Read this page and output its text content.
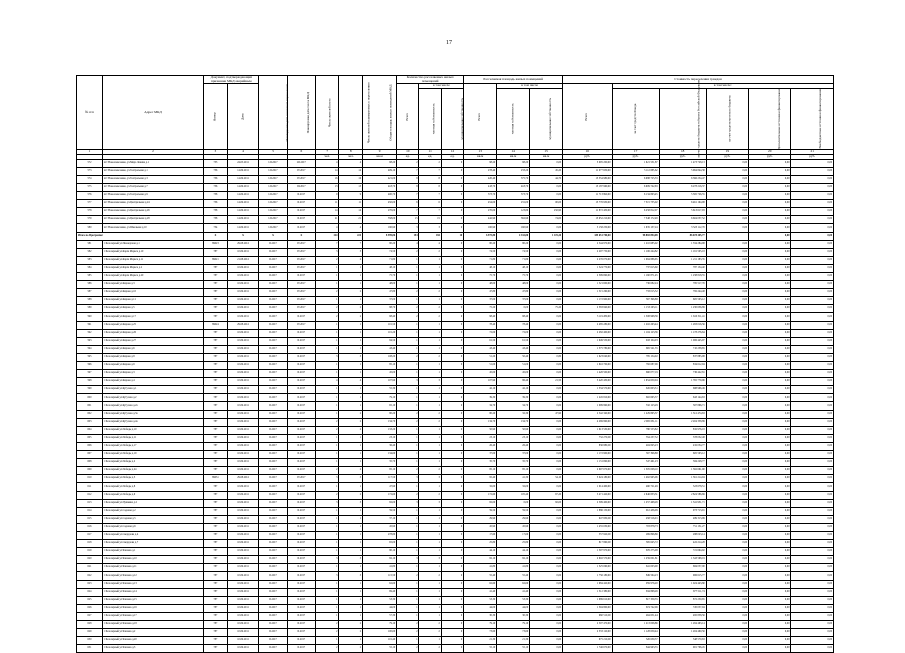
17
№ п/п	Адрес МКД	Документ, подтверждающий признание МКД аварийным		Планируемая дата окончания переселения	Планируемая дата сноса МКД	Число жителей всего	Число жителей планируемых к переселению	Общая площадь жилых помещений МКД	Количество расселяемых жилых помещений			Расселяемая площадь жилых помещений			Стоимость переселения граждан					
		Номер	Дата						Всего	в том числе		Всего	в том числе		Всего	в том числе:				
										частная собственность	муниципальная собственность		частная собственность	муниципальная собственность		за счет средств Фонда	за счет средств бюджета субъекта Российской Федерации	за счет средств местного бюджета	Дополнительные источники финансирования	Внебюджетные источники финансирования
1	2	3	4	5	6	7	8	9	10	11	12	13	14	15	16	17	18	19	20	21
						чел.	чел.	кв.м	ед.	ед.	ед.	кв.м	кв.м	кв.м	руб.	руб.	руб.	руб.	руб.	руб.
572	пгт Новоалексеевка, ул.Мира Ленина д.1	733	24.05.2011	I.II.2017	I.II.2017	4	4	98,20	2	2	0	98,20	98,20	0,00	3 095 200,00	1 621 531,87	1 473 728,13	0,00	0,00	0,00
573	пгт Новоалексеевка, ул.Театральная д.1	736	14.09.2011	I.II.2017	IV.2017	14	14	409,10	7	7	0	278,40	233,20	45,20	11 077 630,00	5 112 885,62	5 964 844,38	0,00	0,00	0,00
574	пгт Новоалексеевка, ул.Театральная д.3	736	14.09.2011	I.II.2017	IV.2017	16	16	421,00	8	8	0	420,40	375,70	44,70	13 354 980,00	6 988 725,53	6 366 254,47	0,00	0,00	0,00
575	пгт Новоалексеевка, ул.Театральная д.7	736	14.09.2011	I.II.2017	III.2017	13	13	418,70	8	8	0	418,70	418,70	0,00	13 187 960,00	6 909 742,63	6 278 216,37	0,00	0,00	0,00
576	пгт Новоалексеевка, ул.Театральная д.9	738	14.09.2011	I.II.2017	II.2017	9	9	400,70	7	7	0	373,70	373,70	0,00	11 713 990,00	6 134 863,45	5 595 726,55	0,00	0,00	0,00
577	пгт Новоалексеевка, ул.Центральная д.24	736	14.09.2011	I.II.2017	II.2017	11	11	450,00	6	6	0	454,00	231,00	00,00	13 776 930,00	7 315 735,02	6 461 194,98	0,00	0,00	0,00
578	пгт Новоалексеевка, ул.Центральная д.26	738	14.09.2011	I.II.2017	II.2017	14	14	270,00	7	7	0	270,00	123,80	232,90	11 872 430,00	6 258 812,07	5 613 617,93	0,00	0,00	0,00
579	пгт Новоалексеевка, ул.Центральная д.28	738	14.09.2011	I.II.2017	II.2017	21	21	358,00	15	15	0	442,90	362,90	74,00	13 952 210,00	7 348 172,48	6 604 037,52	0,00	0,00	0,00
580	пгт Новоалексеевка, ул.Школьная д.10	734	14.09.2011	I.II.2017	II.2017	4	4	190,90	3	3	0	160,90	160,90	0,00	5 158 250,00	1 635 137,24	3 523 112,76	0,00	0,00	0,00
Итого по Программе:		X	X	X	X	224	224	8 999,86	194	184	10	6 975,80	4 332,80	1 119,20	185 651 700,00	98 883 894,08	86 678 405,77		0,00	0,00
581	г Белозерный ул.Пионерская д.1	89023	29.08.2012	II.2017	IV.2017	7	7	80,20	4	4	0	80,20	80,20	0,00	2 544 970,00	1 210 685,02	1 334 284,98	0,00	0,00	0,00
582	г Белозерный ул.Карла Маркса д.10	787	10.09.2011	II.2017	IV.2017	3	3	74,50	2	2	0	74,50	74,50	0,00	2 297 750,00	1 106 244,82	1 191 505,18	0,00	0,00	0,00
583	г Белозерный ул.Карла Маркса д.11	89021	21.08.2012	II.2017	IV.2017	2	2	71,80	1	1	0	71,80	71,80	0,00	2 276 070,00	1 064 886,65	1 211 183,35	0,00	0,00	0,00
584	г Белозерный ул.Карла Маркса д.2	787	10.09.2011	II.2017	IV.2017	1	1	48,10	1	1	0	48,10	48,10	0,00	1 524 770,00	737 615,60	787 154,40	0,00	0,00	0,00
585	г Белозерный ул.Карла Маркса д.20	787	10.09.2011	II.2017	II.2017	1	1	75,70	1	1	0	75,70	75,70	0,00	2 399 690,00	1 160 871,45	1 238 818,55	0,00	0,00	0,00
586	г Белозерный ул.Кирова д.3	787	10.09.2011	II.2017	IV.2017	1	1	48,00	1	1	0	48,00	48,00	0,00	1 521 600,00	736 082,24	785 517,76	0,00	0,00	0,00
587	г Белозерный ул.Кирова д.10	787	10.09.2011	II.2017	IV.2017	2	2	47,80	2	2	0	47,80	47,80	0,00	1 515 260,00	733 015,52	782 244,48	0,00	0,00	0,00
588	г Белозерный ул.Кирова д.11	787	10.09.2011	II.2017	IV.2017	1	1	37,00	1	1	0	37,00	37,00	0,00	1 172 900,00	567 396,88	605 503,12	0,00	0,00	0,00
589	г Белозерный ул.Кирова д.5	787	10.09.2011	II.2017	IV.2017	2	2	88,70	2	2	0	75,20	0,00	75,20	2 383 840,00	1 153 203,11	1 230 636,89	0,00	0,00	0,00
590	г Белозерный ул.Кирова д.17	787	10.09.2011	II.2017	II.2017	2	2	98,40	2	2	0	98,40	98,40	0,00	3 119 280,00	1 508 968,59	1 610 311,41	0,00	0,00	0,00
591	г Белозерный ул.Кирова д.25	89024	29.08.2012	II.2017	IV.2017	1	1	101,50	1	1	0	78,40	78,40	0,00	2 485 280,00	1 202 263,44	1 283 016,56	0,00	0,00	0,00
592	г Белозерный ул.Кирова д.26	787	10.09.2011	II.2017	II.2017	1	1	101,20	1	1	0	72,00	72,00	0,00	2 282 400,00	1 104 123,36	1 178 276,64	0,00	0,00	0,00
593	г Белозерный ул.Кирова д.27	787	10.09.2011	II.2017	II.2017	1	1	84,50	1	1	0	61,50	61,50	0,00	1 949 550,00	943 104,03	1 006 445,97	0,00	0,00	0,00
594	г Белозерный ул.Кирова д.6	787	10.09.2011	II.2017	II.2017	1	1	43,40	1	1	0	43,40	43,40	0,00	1 375 780,00	665 541,35	710 238,65	0,00	0,00	0,00
595	г Белозерный ул.Кирова д.8	787	10.09.2011	II.2017	II.2017	3	3	108,20	2	2	0	51,20	50,40	0,80	1 623 040,00	785 154,02	837 885,98	0,00	0,00	0,00
596	г Белозерный ул.Кирова д.9	787	10.09.2011	II.2017	II.2017	1	1	85,10	1	1	0	51,00	51,00	0,00	1 616 700,00	782 087,06	834 612,94	0,00	0,00	0,00
597	г Белозерный ул.Кирова д.3	787	10.09.2011	II.2017	II.2017	1	1	45,00	1	1	0	45,00	45,00	0,00	1 426 500,00	690 077,19	736 422,81	0,00	0,00	0,00
598	г Белозерный ул.Кирова д.4	787	10.09.2011	II.2017	II.2017	4	4	107,90	3	3	0	107,90	86,40	21,50	3 420 430,00	1 654 650,04	1 765 779,96	0,00	0,00	0,00
599	г Белозерный ул.Кутузова д.1	787	10.09.2011	II.2017	II.2017	1	1	55,30	1	1	0	42,10	42,10	0,00	1 334 570,00	645 603,51	688 966,49	0,00	0,00	0,00
600	г Белозерный ул.Кутузова д.2	787	10.09.2011	II.2017	II.2017	1	1	79,10	1	1	0	39,30	39,30	0,00	1 245 810,00	602 665,37	643 144,63	0,00	0,00	0,00
601	г Белозерный ул.Кутузова д.2а	787	10.09.2011	II.2017	II.2017	1	1	65,10	1	1	0	34,70	34,70	0,00	1 099 990,00	532 123,29	567 866,71	0,00	0,00	0,00
602	г Белозерный ул.Кутузова д.3а	787	10.09.2011	II.2017	II.2017	1	2	80,20	2	2	0	80,20	32,30	47,90	2 542 340,00	1 229 865,37	1 312 474,63	0,00	0,00	0,00
603	г Белозерный ул.Кутузова д.4а	787	10.09.2011	II.2017	II.2017	2	2	134,70	2	2	0	134,70	134,70	0,00	4 269 990,00	2 065 631,11	2 204 358,89	0,00	0,00	0,00
604	г Белозерный ул.Победы д.10	787	10.09.2011	II.2017	II.2017	2	2	133,20	1	1	0	50,90	50,90	0,00	1 613 530,00	780 553,82	832 976,18	0,00	0,00	0,00
605	г Белозерный ул.Победы д.11	787	10.09.2011	II.2017	II.2017	1	1	23,10	1	1	0	23,10	23,10	0,00	732 270,00	354 237,52	378 032,48	0,00	0,00	0,00
606	г Белозерный ул.Победы д.17	787	10.09.2011	II.2017	II.2017	1	1	36,40	1	1	0	26,40	26,40	0,00	836 880,00	404 845,23	432 034,77	0,00	0,00	0,00
607	г Белозерный ул.Победы д.19	787	10.09.2011	II.2017	II.2017	1	1	134,60	1	1	0	37,00	37,00	0,00	1 172 900,00	567 396,88	605 503,12	0,00	0,00	0,00
608	г Белозерный ул.Победы д.2	787	10.09.2011	II.2017	II.2017	1	1	35,70	1	1	0	35,70	35,70	0,00	1 131 690,00	547 461,23	584 228,77	0,00	0,00	0,00
609	г Белозерный ул.Победы д.24	787	10.09.2011	II.2017	II.2017	2	2	85,10	2	2	0	85,10	85,10	0,00	2 697 670,00	1 305 008,10	1 392 661,90	0,00	0,00	0,00
610	г Белозерный ул.Победы д.3	89031	29.08.2012	II.2017	IV.2017	3	3	117,50	3	3	0	95,40	41,30	54,10	3 024 180,00	1 462 965,06	1 561 214,94	0,00	0,00	0,00
611	г Белозерный ул.Победы д.8	787	10.09.2011	II.2017	II.2017	1	1	47,90	1	1	0	32,00	32,00	0,00	1 014 400,00	490 721,49	523 678,51	0,00	0,00	0,00
612	г Белозерный ул.Победы д.9	787	10.09.2011	II.2017	II.2017	2	2	172,60	2	2	0	172,60	105,40	67,20	5 471 420,00	2 646 833,31	2 824 586,69	0,00	0,00	0,00
613	г Белозерный ул.Пушкина д.2	787	10.09.2011	II.2017	II.2017	3	3	82,00	3	3	0	82,00	0,00	82,00	2 599 400,00	1 257 468,29	1 341 931,71	0,00	0,00	0,00
614	г Белозерный ул.Садовая д.2	787	10.09.2011	II.2017	II.2017	1	1	59,50	1	1	0	59,50	59,50	0,00	1 886 150,00	912 436,09	973 713,91	0,00	0,00	0,00
615	г Белозерный ул.Садовая д.5	787	10.09.2011	II.2017	II.2017	1	1	37,10	1	1	0	29,90	29,90	0,00	947 830,00	458 516,01	489 313,99	0,00	0,00	0,00
616	г Белозерный ул.Садовая д.6	787	10.09.2011	II.2017	II.2017	1	1	45,90	1	1	0	45,90	45,90	0,00	1 455 030,00	703 878,73	751 151,27	0,00	0,00	0,00
617	г Белозерный ул.Свердлова д.4	787	10.09.2011	II.2017	II.2017	1	1	278,80	1	1	0	17,60	17,60	0,00	557 920,00	269 896,86	288 023,14	0,00	0,00	0,00
618	г Белозерный ул.Свердлова д.7	787	10.09.2011	II.2017	II.2017	1	1	65,00	1	1	0	25,80	25,80	0,00	817 860,00	395 645,72	422 214,28	0,00	0,00	0,00
619	г Белозерный ул.Чапаева д.1	787	10.09.2011	II.2017	II.2017	1	1	80,10	1	1	0	44,10	44,10	0,00	1 397 970,00	676 275,08	721 694,92	0,00	0,00	0,00
620	г Белозерный ул.Чапаева д.10	787	10.09.2011	II.2017	II.2017	3	3	82,10	3	3	0	82,10	82,10	0,00	2 602 570,00	1 259 001,81	1 343 568,19	0,00	0,00	0,00
621	г Белозерный ул.Чапаева д.11	787	10.09.2011	II.2017	II.2017	1	1	41,80	1	1	0	41,80	41,80	0,00	1 325 060,00	641 003,00	684 057,00	0,00	0,00	0,00
622	г Белозерный ул.Чапаева д.12	787	10.09.2011	II.2017	II.2017	3	3	115,50	2	2	0	55,40	55,40	0,00	1 756 180,00	849 564,23	906 615,77	0,00	0,00	0,00
623	г Белозерный ул.Чапаева д.13	787	10.09.2011	II.2017	II.2017	1	1	62,60	1	1	0	62,60	62,60	0,00	1 984 420,00	959 976,20	1 024 443,80	0,00	0,00	0,00
624	г Белозерный ул.Чапаева д.14	787	10.09.2011	II.2017	II.2017	1	1	69,40	1	1	0	41,40	41,40	0,00	1 312 380,00	634 868,26	677 511,74	0,00	0,00	0,00
625	г Белозерный ул.Чапаева д.15	787	10.09.2011	II.2017	II.2017	1	1	53,30	1	1	0	53,30	53,30	0,00	1 689 610,00	817 359,35	872 250,65	0,00	0,00	0,00
626	г Белозерный ул.Чапаева д.16	787	10.09.2011	II.2017	II.2017	1	1	44,00	1	1	0	44,00	44,00	0,00	1 394 800,00	674 742,06	720 057,94	0,00	0,00	0,00
627	г Белозерный ул.Чапаева д.17	787	10.09.2011	II.2017	II.2017	1	1	57,30	1	1	0	30,30	30,30	0,00	960 510,00	464 651,44	495 858,56	0,00	0,00	0,00
628	г Белозерный ул.Чапаева д.18	787	10.09.2011	II.2017	II.2017	2	2	79,10	2	2	0	79,10	79,10	0,00	2 507 470,00	1 213 006,86	1 294 463,14	0,00	0,00	0,00
629	г Белозерный ул.Чапаева д.2	787	10.09.2011	II.2017	II.2017	2	2	100,60	2	2	0	73,60	73,60	0,00	2 333 120,00	1 128 659,44	1 204 460,56	0,00	0,00	0,00
630	г Белозерный ул.Чапаева д.20	787	10.09.2011	II.2017	II.2017	1	1	101,40	1	1	0	21,30	21,30	0,00	675 210,00	326 639,37	348 570,63	0,00	0,00	0,00
631	г Белозерный ул.Чапаева д.3	787	10.09.2011	II.2017	II.2017	2	2	55,10	2	2	0	55,10	55,10	0,00	1 746 670,00	844 963,55	901 706,45	0,00	0,00	0,00
